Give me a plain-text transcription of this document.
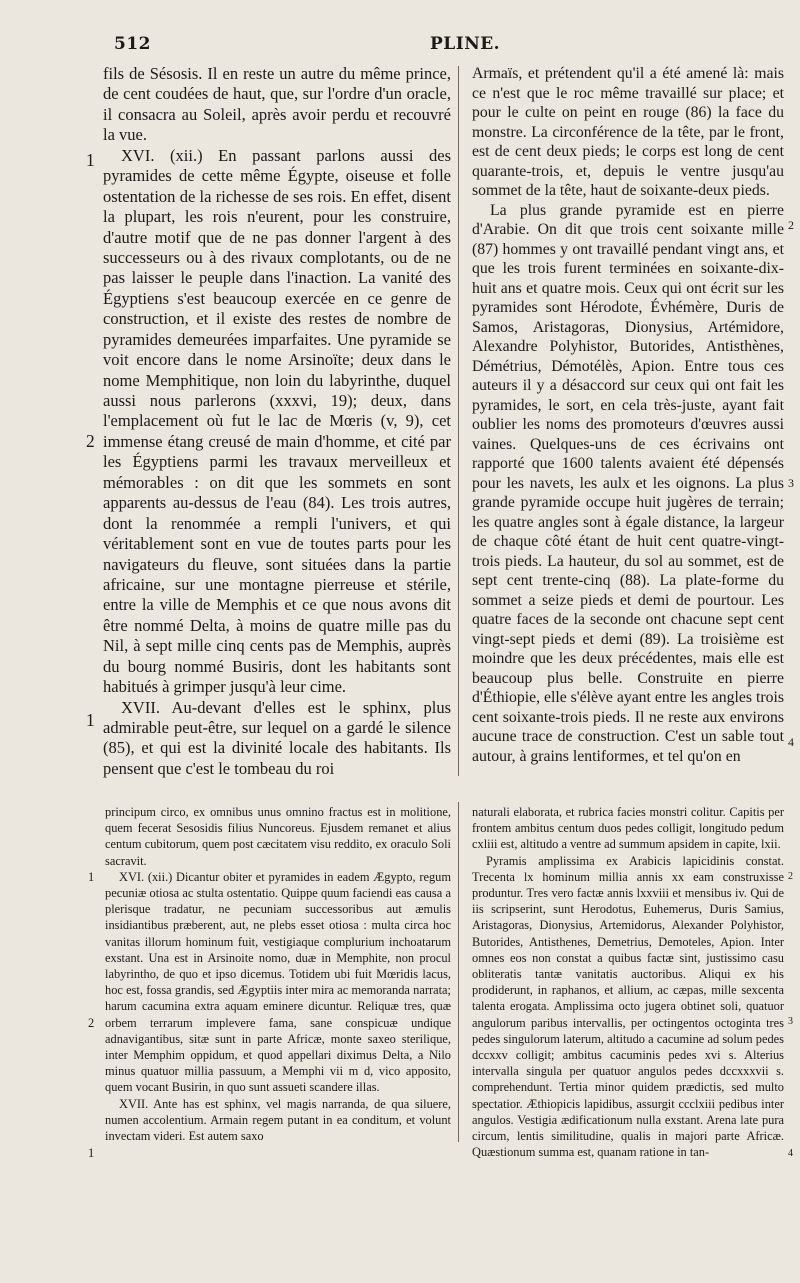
512	PLINE.

fils de Sésosis. Il en reste un autre du même prince, de cent coudées de haut, que, sur l'ordre d'un oracle, il consacra au Soleil, après avoir perdu et recouvré la vue.

XVI. (xii.) En passant parlons aussi des pyramides de cette même Égypte, oiseuse et folle ostentation de la richesse de ses rois. En effet, disent la plupart, les rois n'eurent, pour les construire, d'autre motif que de ne pas donner l'argent à des successeurs ou à des rivaux complotants, ou de ne pas laisser le peuple dans l'inaction. La vanité des Égyptiens s'est beaucoup exercée en ce genre de construction, et il existe des restes de nombre de pyramides demeurées imparfaites. Une pyramide se voit encore dans le nome Arsinoïte; deux dans le nome Memphitique, non loin du labyrinthe, duquel aussi nous parlerons (xxxvi, 19); deux, dans l'emplacement où fut le lac de Mœris (v, 9), cet immense étang creusé de main d'homme, et cité par les Égyptiens parmi les travaux merveilleux et mémorables : on dit que les sommets en sont apparents au-dessus de l'eau (84). Les trois autres, dont la renommée a rempli l'univers, et qui véritablement sont en vue de toutes parts pour les navigateurs du fleuve, sont situées dans la partie africaine, sur une montagne pierreuse et stérile, entre la ville de Memphis et ce que nous avons dit être nommé Delta, à moins de quatre mille pas du Nil, à sept mille cinq cents pas de Memphis, auprès du bourg nommé Busiris, dont les habitants sont habitués à grimper jusqu'à leur cime.

XVII. Au-devant d'elles est le sphinx, plus admirable peut-être, sur lequel on a gardé le silence (85), et qui est la divinité locale des habitants. Ils pensent que c'est le tombeau du roi

1
2
1

Armaïs, et prétendent qu'il a été amené là: mais ce n'est que le roc même travaillé sur place; et pour le culte on peint en rouge (86) la face du monstre. La circonférence de la tête, par le front, est de cent deux pieds; le corps est long de cent quarante-trois, et, depuis le ventre jusqu'au sommet de la tête, haut de soixante-deux pieds.

La plus grande pyramide est en pierre d'Arabie. On dit que trois cent soixante mille (87) hommes y ont travaillé pendant vingt ans, et que les trois furent terminées en soixante-dix-huit ans et quatre mois. Ceux qui ont écrit sur les pyramides sont Hérodote, Évhémère, Duris de Samos, Aristagoras, Dionysius, Artémidore, Alexandre Polyhistor, Butorides, Antisthènes, Démétrius, Démotélès, Apion. Entre tous ces auteurs il y a désaccord sur ceux qui ont fait les pyramides, le sort, en cela très-juste, ayant fait oublier les noms des promoteurs d'œuvres aussi vaines. Quelques-uns de ces écrivains ont rapporté que 1600 talents avaient été dépensés pour les navets, les aulx et les oignons. La plus grande pyramide occupe huit jugères de terrain; les quatre angles sont à égale distance, la largeur de chaque côté étant de huit cent quatre-vingt-trois pieds. La hauteur, du sol au sommet, est de sept cent trente-cinq (88). La plate-forme du sommet a seize pieds et demi de pourtour. Les quatre faces de la seconde ont chacune sept cent vingt-sept pieds et demi (89). La troisième est moindre que les deux précédentes, mais elle est beaucoup plus belle. Construite en pierre d'Éthiopie, elle s'élève ayant entre les angles trois cent soixante-trois pieds. Il ne reste aux environs aucune trace de construction. C'est un sable tout autour, à grains lentiformes, et tel qu'on en

2
3
4

principum circo, ex omnibus unus omnino fractus est in molitione, quem fecerat Sesosidis filius Nuncoreus. Ejusdem remanet et alius centum cubitorum, quem post cæcitatem visu reddito, ex oraculo Soli sacravit.

XVI. (xii.) Dicantur obiter et pyramides in eadem Ægypto, regum pecuniæ otiosa ac stulta ostentatio. Quippe quum faciendi eas causa a plerisque tradatur, ne pecuniam successoribus aut æmulis insidiantibus præberent, aut, ne plebs esset otiosa : multa circa hoc vanitas illorum hominum fuit, vestigiaque complurium inchoatarum exstant. Una est in Arsinoite nomo, duæ in Memphite, non procul labyrintho, de quo et ipso dicemus. Totidem ubi fuit Mœridis lacus, hoc est, fossa grandis, sed Ægyptiis inter mira ac memoranda narrata; harum cacumina extra aquam eminere dicuntur. Reliquæ tres, quæ orbem terrarum implevere fama, sane conspicuæ undique adnavigantibus, sitæ sunt in parte Africæ, monte saxeo sterilique, inter Memphim oppidum, et quod appellari diximus Delta, a Nilo minus quatuor millia passuum, a Memphi vii m d, vico apposito, quem vocant Busirin, in quo sunt assueti scandere illas.

XVII. Ante has est sphinx, vel magis narranda, de qua siluere, numen accolentium. Armain regem putant in ea conditum, et volunt invectam videri. Est autem saxo

1
2
1

naturali elaborata, et rubrica facies monstri colitur. Capitis per frontem ambitus centum duos pedes colligit, longitudo pedum cxliii est, altitudo a ventre ad summum apsidem in capite, lxii.

Pyramis amplissima ex Arabicis lapicidinis constat. Trecenta lx hominum millia annis xx eam construxisse produntur. Tres vero factæ annis lxxviii et mensibus iv. Qui de iis scripserint, sunt Herodotus, Euhemerus, Duris Samius, Aristagoras, Dionysius, Artemidorus, Alexander Polyhistor, Butorides, Antisthenes, Demetrius, Demoteles, Apion. Inter omnes eos non constat a quibus factæ sint, justissimo casu obliteratis tantæ vanitatis auctoribus. Aliqui ex his prodiderunt, in raphanos, et allium, ac cæpas, mille sexcenta talenta erogata. Amplissima octo jugera obtinet soli, quatuor angulorum paribus intervallis, per octingentos octoginta tres pedes singulorum laterum, altitudo a cacumine ad solum pedes dccxxv colligit; ambitus cacuminis pedes xvi s. Alterius intervalla singula per quatuor angulos pedes dccxxxvii s. comprehendunt. Tertia minor quidem prædictis, sed multo spectatior. Æthiopicis lapidibus, assurgit ccclxiii pedibus inter angulos. Vestigia ædificationum nulla exstant. Arena late pura circum, lentis similitudine, qualis in majori parte Africæ. Quæstionum summa est, quanam ratione in tan-

2
3
4
